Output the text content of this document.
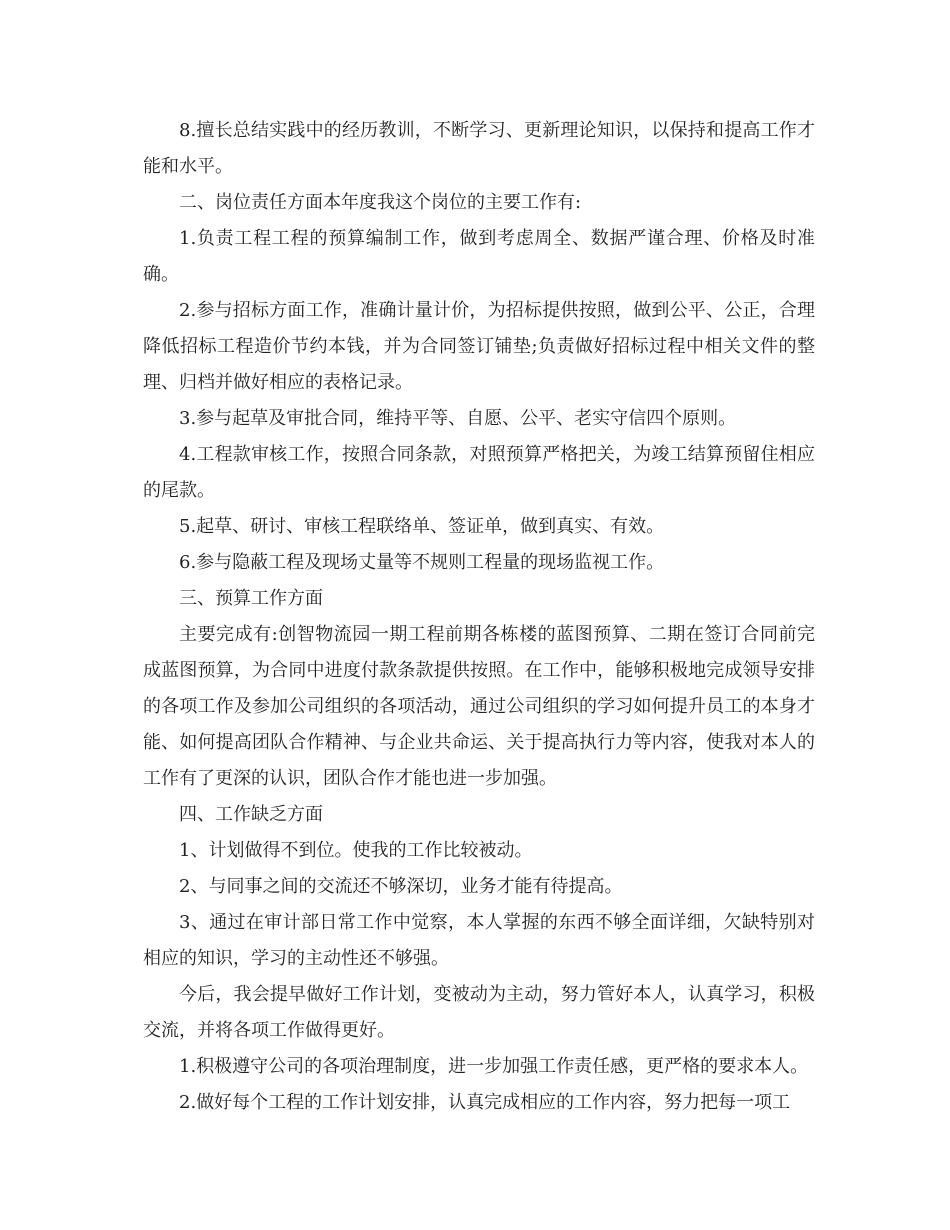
8.擅长总结实践中的经历教训，不断学习、更新理论知识，以保持和提高工作才能和水平。

二、岗位责任方面本年度我这个岗位的主要工作有:

1.负责工程工程的预算编制工作，做到考虑周全、数据严谨合理、价格及时准确。

2.参与招标方面工作，准确计量计价，为招标提供按照，做到公平、公正，合理降低招标工程造价节约本钱，并为合同签订铺垫;负责做好招标过程中相关文件的整理、归档并做好相应的表格记录。

3.参与起草及审批合同，维持平等、自愿、公平、老实守信四个原则。

4.工程款审核工作，按照合同条款，对照预算严格把关，为竣工结算预留住相应的尾款。

5.起草、研讨、审核工程联络单、签证单，做到真实、有效。

6.参与隐蔽工程及现场丈量等不规则工程量的现场监视工作。

三、预算工作方面

主要完成有:创智物流园一期工程前期各栋楼的蓝图预算、二期在签订合同前完成蓝图预算，为合同中进度付款条款提供按照。在工作中，能够积极地完成领导安排的各项工作及参加公司组织的各项活动，通过公司组织的学习如何提升员工的本身才能、如何提高团队合作精神、与企业共命运、关于提高执行力等内容，使我对本人的工作有了更深的认识，团队合作才能也进一步加强。

四、工作缺乏方面

1、计划做得不到位。使我的工作比较被动。

2、与同事之间的交流还不够深切，业务才能有待提高。

3、通过在审计部日常工作中觉察，本人掌握的东西不够全面详细，欠缺特别对相应的知识，学习的主动性还不够强。

今后，我会提早做好工作计划，变被动为主动，努力管好本人，认真学习，积极交流，并将各项工作做得更好。

1.积极遵守公司的各项治理制度，进一步加强工作责任感，更严格的要求本人。

2.做好每个工程的工作计划安排，认真完成相应的工作内容，努力把每一项工
